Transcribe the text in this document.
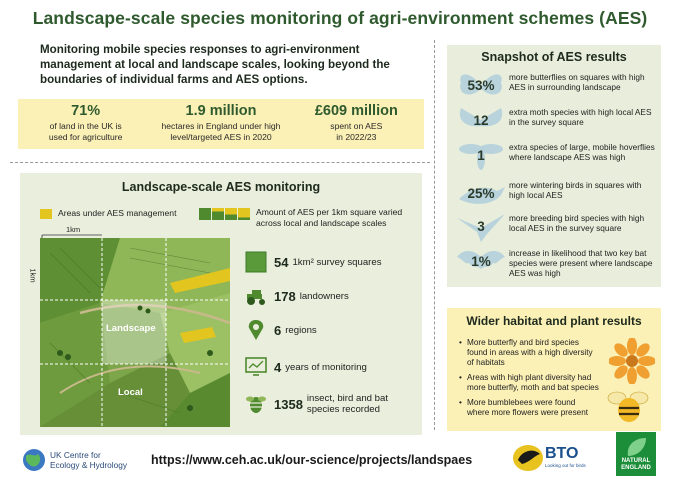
Landscape-scale species monitoring of agri-environment schemes (AES)
Monitoring mobile species responses to agri-environment management at local and landscape scales, looking beyond the boundaries of individual farms and AES options.
71%
of land in the UK is
used for agriculture
1.9 million
hectares in England under high
level/targeted AES in 2020
£609 million
spent on AES
in 2022/23
Landscape-scale AES monitoring
Areas under AES management	Amount of AES per 1km square varied across local and landscape scales
1km
1km
Landscape
Local
54 1km² survey squares
178 landowners
6 regions
4 years of monitoring
1358 insect, bird and bat species recorded
Snapshot of AES results
53%
more butterflies on squares with high AES in surrounding landscape
12
extra moth species with high local AES in the survey square
1
extra species of large, mobile hoverflies where landscape AES was high
25%
more wintering birds in squares with high local AES
3
more breeding bird species with high local AES in the survey square
1%
increase in likelihood that two key bat species were present where landscape AES was high
Wider habitat and plant results
• More butterfly and bird species found in areas with a high diversity of habitats
• Areas with high plant diversity had more butterfly, moth and bat species
• More bumblebees were found where more flowers were present
UK Centre for
Ecology & Hydrology https://www.ceh.ac.uk/our-science/projects/landspaes	BTO
Looking out for birds
NATURAL
ENGLAND
